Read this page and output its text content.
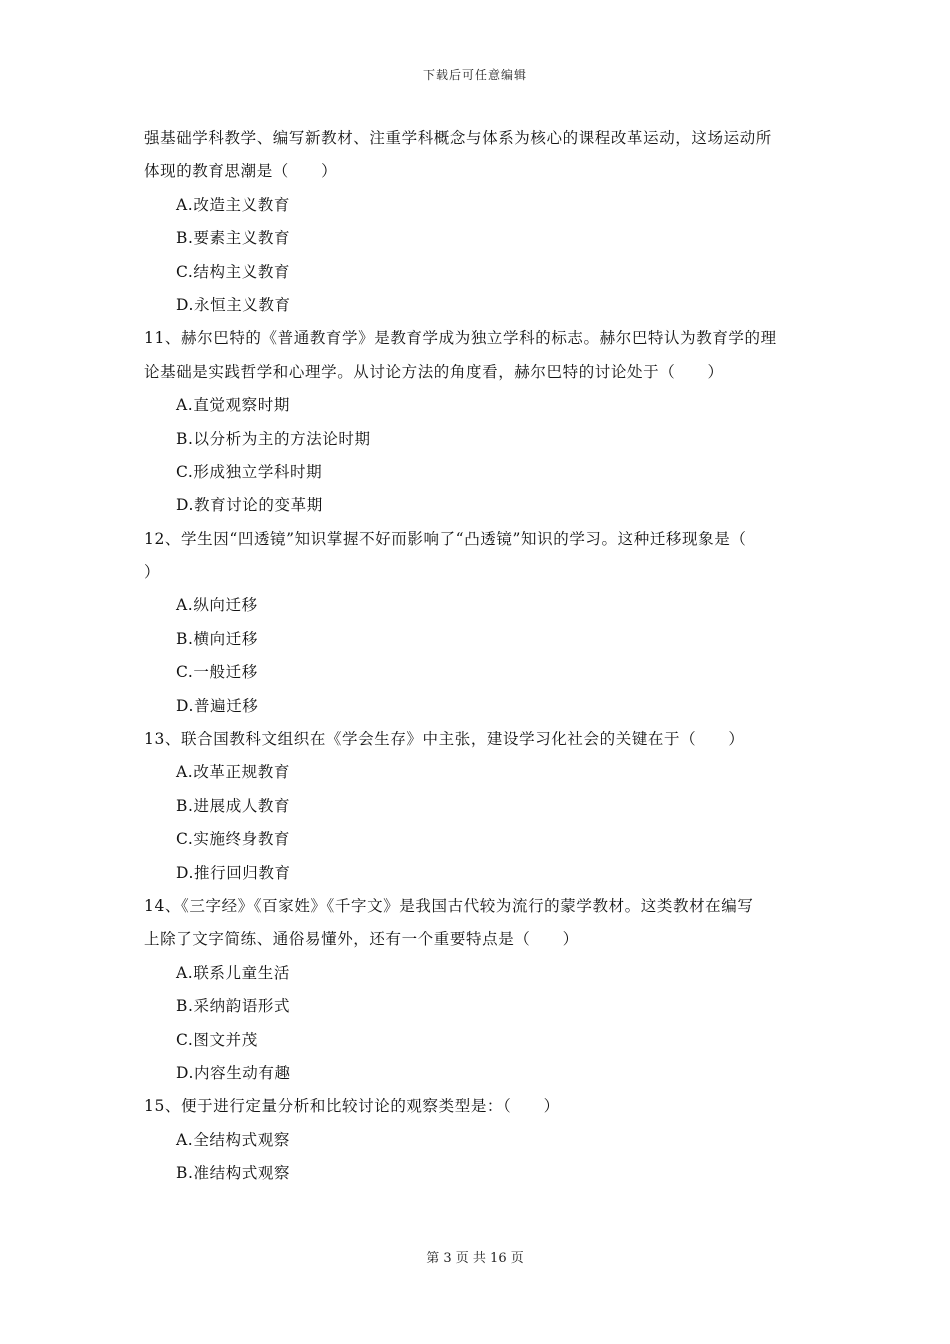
下载后可任意编辑
强基础学科教学、编写新教材、注重学科概念与体系为核心的课程改革运动，这场运动所
体现的教育思潮是（　　）
A.改造主义教育
B.要素主义教育
C.结构主义教育
D.永恒主义教育
11、赫尔巴特的《普通教育学》是教育学成为独立学科的标志。赫尔巴特认为教育学的理
论基础是实践哲学和心理学。从讨论方法的角度看，赫尔巴特的讨论处于（　　）
A.直觉观察时期
B.以分析为主的方法论时期
C.形成独立学科时期
D.教育讨论的变革期
12、学生因“凹透镜”知识掌握不好而影响了“凸透镜”知识的学习。这种迁移现象是（
）
A.纵向迁移
B.横向迁移
C.一般迁移
D.普遍迁移
13、联合国教科文组织在《学会生存》中主张，建设学习化社会的关键在于（　　）
A.改革正规教育
B.进展成人教育
C.实施终身教育
D.推行回归教育
14、《三字经》《百家姓》《千字文》是我国古代较为流行的蒙学教材。这类教材在编写
上除了文字简练、通俗易懂外，还有一个重要特点是（　　）
A.联系儿童生活
B.采纳韵语形式
C.图文并茂
D.内容生动有趣
15、便于进行定量分析和比较讨论的观察类型是：（　　）
A.全结构式观察
B.准结构式观察
第 3 页 共 16 页
